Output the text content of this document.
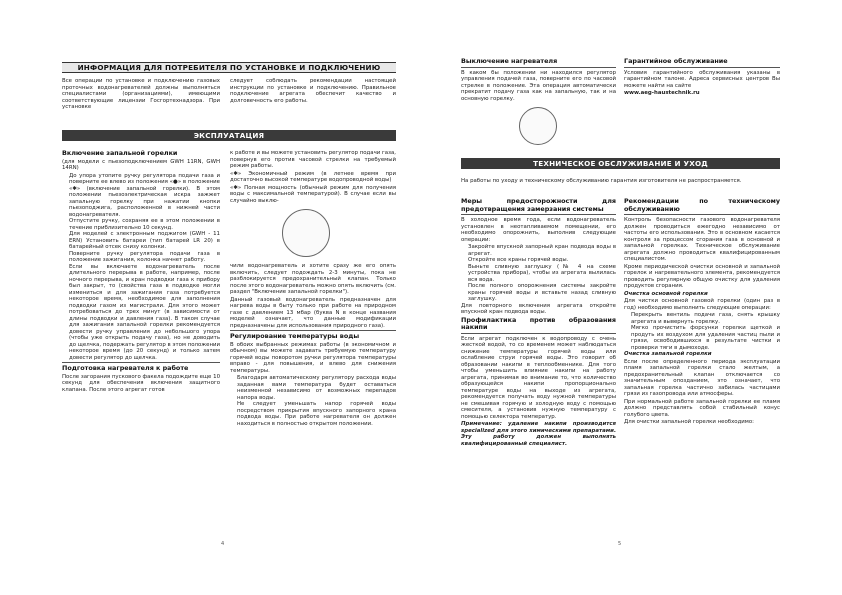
ИНФОРМАЦИЯ ДЛЯ ПОТРЕБИТЕЛЯ ПО УСТАНОВКЕ И ПОДКЛЮЧЕНИЮ

Все операции по установке и подключению газовых проточных водонагревателей должны выполняться специалистами (организациями), имеющими соответствующие лицензии Госгортехнадзора. При установке

следует соблюдать рекомендации настоящей инструкции по установке и подключению. Правильное подключение агрегата обеспечит качество и долговечность его работы.

ЭКСПЛУАТАЦИЯ
Включение запальной горелки

(для модели с пьезоподключением GWH 11RN, GWH 14RN)

• До упора утопите ручку регулятора подачи газа и поверните ее влево из положения «●» в положение «✱» (включение запальной горелки). В этом положении пьезоэлектрическая искра зажжет запальную горелку при нажатии кнопки пьезоподжига, расположенной в нижней части водонагревателя.
• Отпустите ручку, сохраняя ее в этом положении в течение приблизительно 10 секунд.
• Для моделей с электронным поджигом (GWH - 11 ERN) Установить батареи (тип батарей LR 20) в батарейный отсек снизу колонки.
• Поверните ручку регулятора подачи газа в положение зажигания, колонка начнет работу.
• Если вы включаете водонагреватель после длительного перерыва в работе, например, после ночного перерыва, и кран подводки газа к прибору был закрыт, то (свойства газа в подводке могли измениться и для зажигания газа потребуется некоторое время, необходимое для заполнения подводки газом из магистрали. Для этого может потребоваться до трех минут (в зависимости от длины подводки и давления газа). В таком случае для зажигания запальной горелки рекомендуется довести ручку управления до небольшого упора (чтобы уже открыть подачу газа), но не доводить до щелчка, подержать регулятор в этом положении некоторое время (до 20 секунд) и только затем довести регулятор до щелчка.
Подготовка нагревателя к работе

После загорания пускового факела подождите еще 10 секунд для обеспечения включения защитного клапана. После этого агрегат готов

к работе и вы можете установить регулятор подачи газа, повернув его против часовой стрелки на требуемый режим работы.

«✱» Экономичный режим (в летнее время при достаточно высокой температуре водопроводной воды)

«✱» Полная мощность (обычный режим для получения воды с максимальной температурой). В случае если вы случайно выклю-

чили водонагреватель и хотите сразу же его опять включить, следует подождать 2-3 минуты, пока не разблокируется предохранительный клапан. Только после этого водонагреватель можно опять включить (см. раздел "Включение запальной горелки").

Данный газовый водонагреватель предназначен для нагрева воды в быту только при работе на природном газе с давлением 13 мбар (буква N в конце названия моделей означает, что данные модификации предназначены для использования природного газа).

Регулирование температуры воды

В обоих выбранных режимах работы (в экономичном и обычном) вы можете задавать требуемую температуру горячей воды поворотом ручки регулятора температуры вправо - для повышения, и влево для снижения температуры.

• Благодаря автоматическому регулятору расхода воды заданная вами температура будет оставаться неизменной независимо от возможных перепадов напора воды.
• Не следует уменьшать напор горячей воды посредством прикрытия впускного запорного крана подвода воды. При работе нагревателя он должен находиться в полностью открытом положении.
4
Выключение нагревателя

В каком бы положении ни находился регулятор управления подачей газа, поверните его по часовой стрелке в положение. Эта операция автоматически прекратит подачу газа как на запальную, так и на основную горелку.

Гарантийное обслуживание

Условия гарантийного обслуживания указаны в гарантийном талоне. Адреса сервисных центров Вы можете найти на сайте

www.aeg-haustechnik.ru

ТЕХНИЧЕСКОЕ ОБСЛУЖИВАНИЕ И УХОД

На работы по уходу и техническому обслуживанию гарантия изготовителя не распространяется.

Меры предосторожности для предотвращения замерзания системы

В холодное время года, если водонагреватель установлен в неотапливаемом помещении, его необходимо опорожнить, выполнив следующие операции:

• Закройте впускной запорный кран подвода воды в агрегат.
• Откройте все краны горячей воды.
• Выньте сливную заглушку (№ 4 на схеме устройства прибора), чтобы из агрегата вылилась вся вода.
• После полного опорожнения системы закройте краны горячей воды и вставьте назад сливную заглушку.

Для повторного включения агрегата откройте впускной кран подвода воды.

Профилактика против образования накипи

Если агрегат подключен к водопроводу с очень жесткой водой, то со временем может наблюдаться снижение температуры горячей воды или ослабление струи горячей воды. Это говорит об образовании накипи в теплообменнике. Для того чтобы уменьшить влияние накипи на работу агрегата, принимая во внимание то, что количество образующейся накипи пропорционально температуре воды на выходе из агрегата, рекомендуется получать воду нужной температуры не смешивая горячую и холодную воду с помощью смесителя, а установив нужную температуру с помощью селектора температур.

Примечание: удаление накипи производится specialized для этого химическими препаратами. Эту работу должен выполнять квалифицированный специалист.

Рекомендации по техническому обслуживанию

Контроль безопасности газового водонагревателя должен проводиться ежегодно независимо от частоты его использования. Это в основном касается контроля за процессом сгорания газа в основной и запальной горелках. Техническое обслуживание агрегата должно проводиться квалифицированным специалистом.

Кроме периодической очистки основной и запальной горелок и нагревательного элемента, рекомендуется проводить регулярную общую очистку для удаления продуктов сгорания.

Очистка основной горелки

Для чистки основной газовой горелки (один раз в год) необходимо выполнить следующие операции:

• Перекрыть вентиль подачи газа, снять крышку агрегата и вывернуть горелку.
• Мягко прочистить форсунки горелки щеткой и продуть их воздухом для удаления частиц пыли и грязи, освободившихся в результате чистки и проверки тяги в дымоходе.

Очистка запальной горелки

Если после определенного периода эксплуатации пламя запальной горелки стало желтым, а предохранительный клапан отключается со значительным опозданием, это означает, что запальная горелка частично забилась частицами грязи из газопровода или атмосферы.

При нормальной работе запальной горелки ее пламя должно представлять собой стабильный конус голубого цвета.

Для очистки запальной горелки необходимо:

5
